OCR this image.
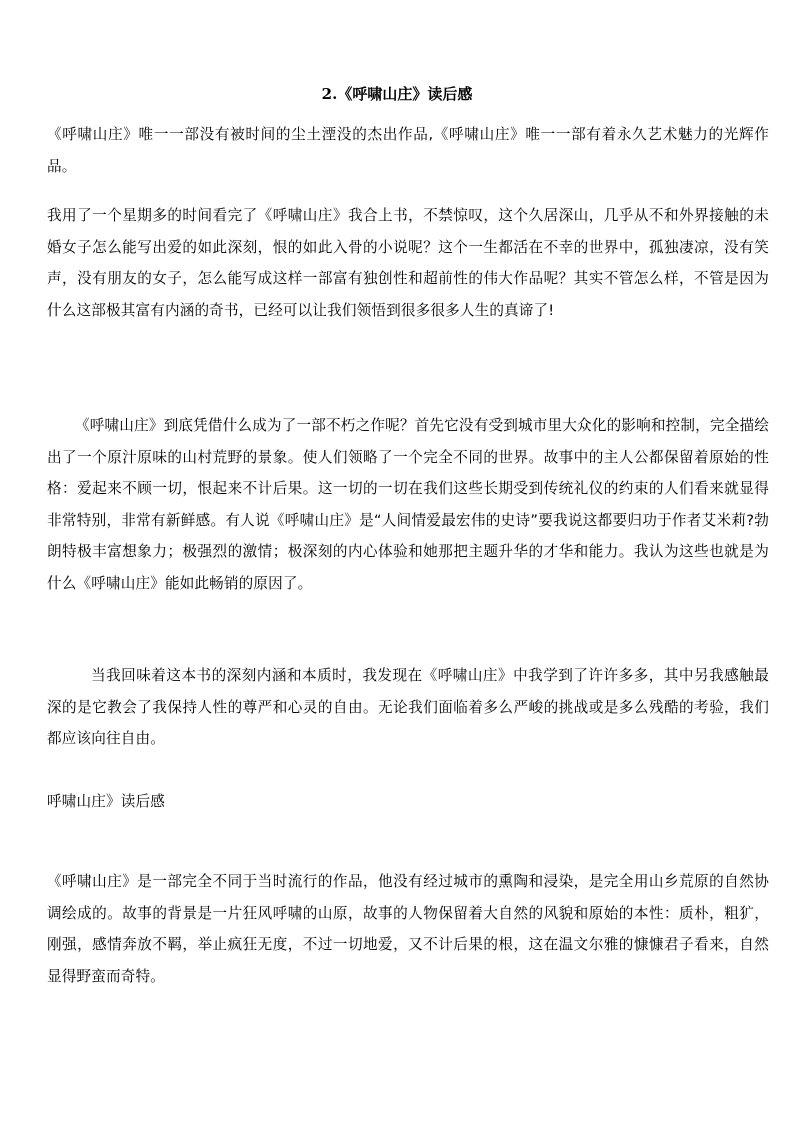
2.《呼啸山庄》读后感

《呼啸山庄》唯一一部没有被时间的尘土湮没的杰出作品,《呼啸山庄》唯一一部有着永久艺术魅力的光辉作品。

我用了一个星期多的时间看完了《呼啸山庄》我合上书，不禁惊叹，这个久居深山，几乎从不和外界接触的未婚女子怎么能写出爱的如此深刻，恨的如此入骨的小说呢？这个一生都活在不幸的世界中，孤独凄凉，没有笑声，没有朋友的女子，怎么能写成这样一部富有独创性和超前性的伟大作品呢？其实不管怎么样，不管是因为什么这部极其富有内涵的奇书，已经可以让我们领悟到很多很多人生的真谛了!

《呼啸山庄》到底凭借什么成为了一部不朽之作呢？首先它没有受到城市里大众化的影响和控制，完全描绘出了一个原汁原味的山村荒野的景象。使人们领略了一个完全不同的世界。故事中的主人公都保留着原始的性格：爱起来不顾一切，恨起来不计后果。这一切的一切在我们这些长期受到传统礼仪的约束的人们看来就显得非常特别，非常有新鲜感。有人说《呼啸山庄》是“人间情爱最宏伟的史诗”要我说这都要归功于作者艾米莉?勃朗特极丰富想象力；极强烈的激情；极深刻的内心体验和她那把主题升华的才华和能力。我认为这些也就是为什么《呼啸山庄》能如此畅销的原因了。

当我回味着这本书的深刻内涵和本质时，我发现在《呼啸山庄》中我学到了许许多多，其中另我感触最深的是它教会了我保持人性的尊严和心灵的自由。无论我们面临着多么严峻的挑战或是多么残酷的考验，我们都应该向往自由。

呼啸山庄》读后感

《呼啸山庄》是一部完全不同于当时流行的作品，他没有经过城市的熏陶和浸染，是完全用山乡荒原的自然协调绘成的。故事的背景是一片狂风呼啸的山原，故事的人物保留着大自然的风貌和原始的本性：质朴，粗犷，刚强，感情奔放不羁，举止疯狂无度，不过一切地爱，又不计后果的根，这在温文尔雅的慷慷君子看来，自然显得野蛮而奇特。
